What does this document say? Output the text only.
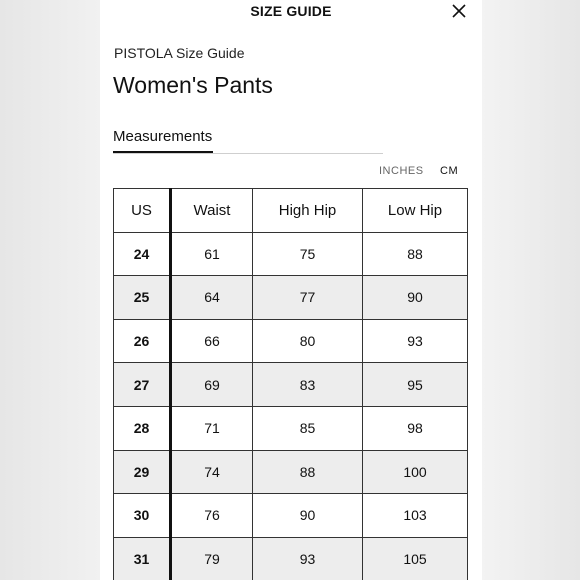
SIZE GUIDE
PISTOLA Size Guide
Women's Pants
Measurements
INCHES CM
US	Waist	High Hip	Low Hip
24	61	75	88
25	64	77	90
26	66	80	93
27	69	83	95
28	71	85	98
29	74	88	100
30	76	90	103
31	79	93	105
